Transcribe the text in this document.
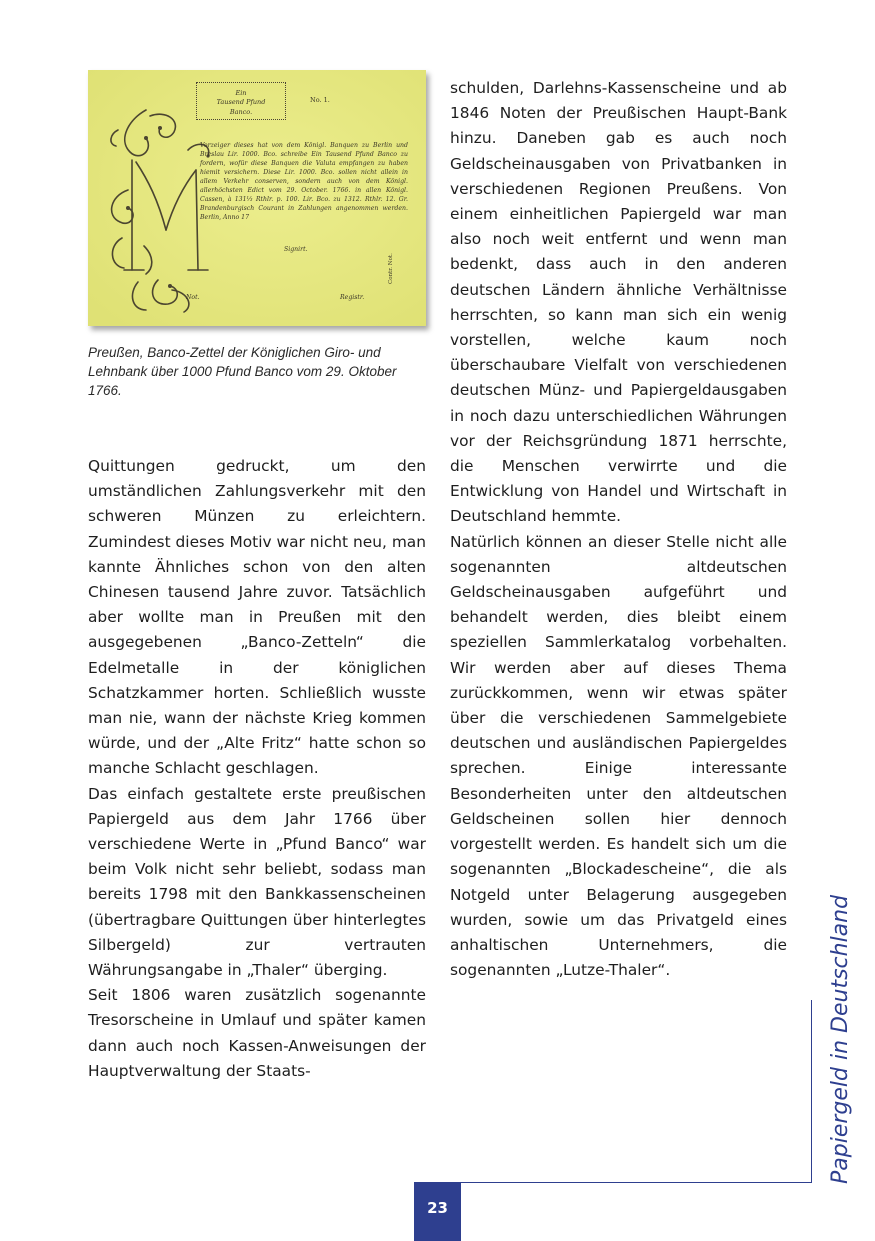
Ein
Tausend Pfund
Banco.
No. 1.
Vorzeiger dieses hat von dem Königl. Banquen zu Berlin und Breslau Lir. 1000. Bco. schreibe Ein Tausend Pfund Banco zu fordern, wofür diese Banquen die Valuta empfangen zu haben hiemit versichern. Diese Lir. 1000. Bco. sollen nicht allein in allem Verkehr conserven, sondern auch von dem Königl. allerhöchsten Edict vom 29. October. 1766. in allen Königl. Cassen, à 131⅓ Rthlr. p. 100. Lir. Bco. zu 1312. Rthlr. 12. Gr. Brandenburgisch Courant in Zahlungen angenommen werden. Berlin, Anno 17
Signirt.
Not.	Registr.
Contr. Not.
Preußen, Banco-Zettel der Königlichen Giro- und Lehnbank über 1000 Pfund Banco vom 29. Oktober 1766.

Quittungen gedruckt, um den umständlichen Zahlungsverkehr mit den schweren Münzen zu erleichtern. Zumindest dieses Motiv war nicht neu, man kannte Ähnliches schon von den alten Chinesen tausend Jahre zuvor. Tatsächlich aber wollte man in Preußen mit den ausgegebenen „Banco-Zetteln“ die Edelmetalle in der königlichen Schatzkammer horten. Schließlich wusste man nie, wann der nächste Krieg kommen würde, und der „Alte Fritz“ hatte schon so manche Schlacht geschlagen.

Das einfach gestaltete erste preußischen Papiergeld aus dem Jahr 1766 über verschiedene Werte in „Pfund Banco“ war beim Volk nicht sehr beliebt, sodass man bereits 1798 mit den Bankkassenscheinen (übertragbare Quittungen über hinterlegtes Silbergeld) zur vertrauten Währungsangabe in „Thaler“ überging.

Seit 1806 waren zusätzlich sogenannte Tresorscheine in Umlauf und später kamen dann auch noch Kassen-Anweisungen der Hauptverwaltung der Staats-

schulden, Darlehns-Kassenscheine und ab 1846 Noten der Preußischen Haupt-Bank hinzu. Daneben gab es auch noch Geldscheinausgaben von Privatbanken in verschiedenen Regionen Preußens. Von einem einheitlichen Papiergeld war man also noch weit entfernt und wenn man bedenkt, dass auch in den anderen deutschen Ländern ähnliche Verhältnisse herrschten, so kann man sich ein wenig vorstellen, welche kaum noch überschaubare Vielfalt von verschiedenen deutschen Münz- und Papiergeldausgaben in noch dazu unterschiedlichen Währungen vor der Reichsgründung 1871 herrschte, die Menschen verwirrte und die Entwicklung von Handel und Wirtschaft in Deutschland hemmte.

Natürlich können an dieser Stelle nicht alle sogenannten altdeutschen Geldscheinausgaben aufgeführt und behandelt werden, dies bleibt einem speziellen Sammlerkatalog vorbehalten. Wir werden aber auf dieses Thema zurückkommen, wenn wir etwas später über die verschiedenen Sammelgebiete deutschen und ausländischen Papiergeldes sprechen. Einige interessante Besonderheiten unter den altdeutschen Geldscheinen sollen hier dennoch vorgestellt werden. Es handelt sich um die sogenannten „Blockadescheine“, die als Notgeld unter Belagerung ausgegeben wurden, sowie um das Privatgeld eines anhaltischen Unternehmers, die sogenannten „Lutze-Thaler“.

23
Papiergeld in Deutschland
